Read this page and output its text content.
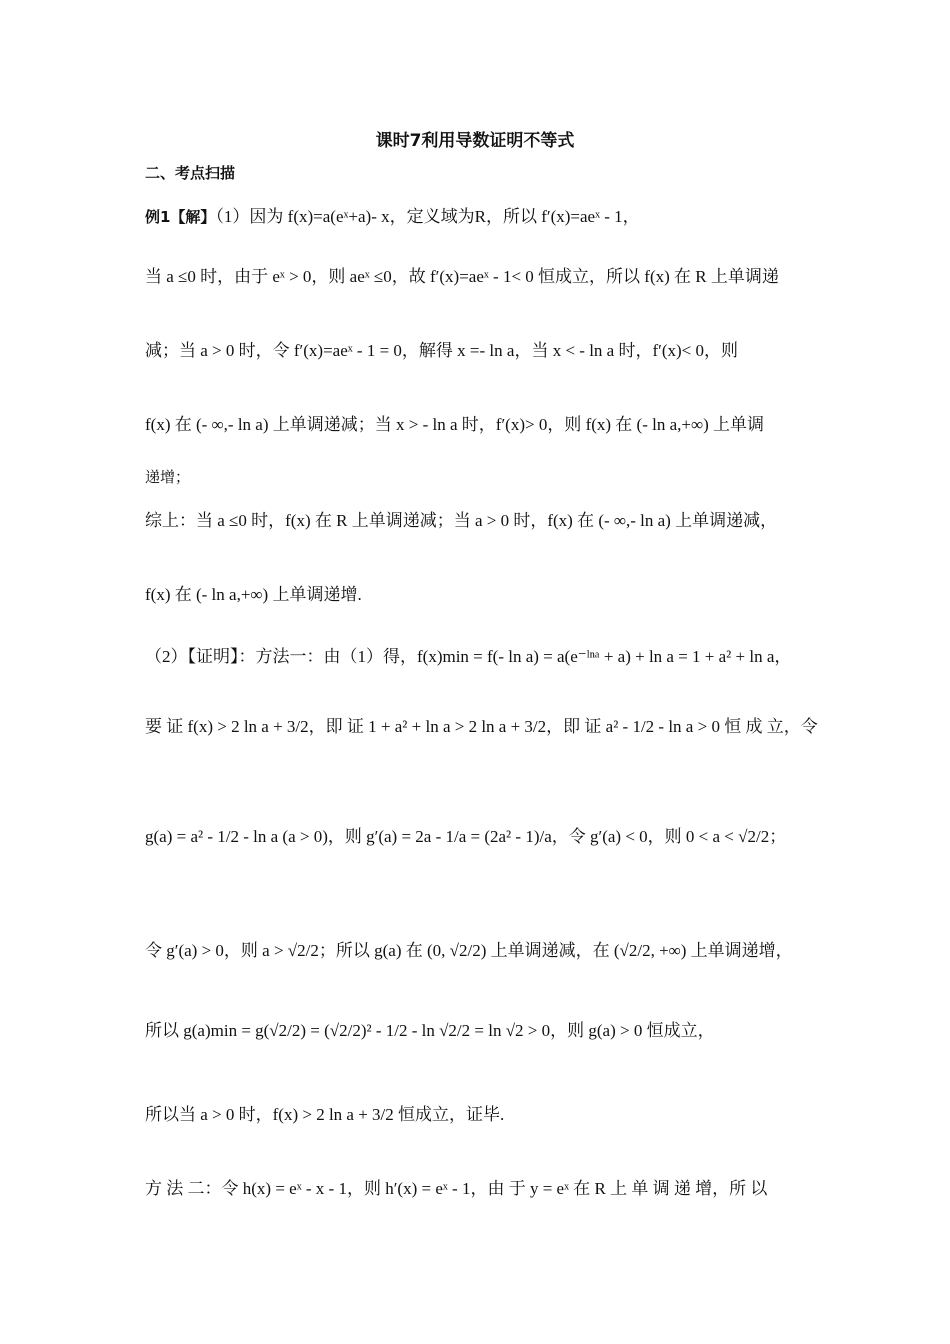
课时7利用导数证明不等式
二、考点扫描
例1【解】（1）因为 f(x)=a(eˣ+a)- x，定义域为R，所以 f′(x)=aeˣ - 1，
当 a ≤0 时，由于 eˣ > 0，则 aeˣ ≤0，故 f′(x)=aeˣ - 1< 0 恒成立，所以 f(x) 在 R 上单调递
减；当 a > 0 时，令 f′(x)=aeˣ - 1 = 0，解得 x =- ln a，当 x < - ln a 时，f′(x)< 0，则
f(x) 在 (- ∞,- ln a) 上单调递减；当 x > - ln a 时，f′(x)> 0，则 f(x) 在 (- ln a,+∞) 上单调
递增；
综上：当 a ≤0 时，f(x) 在 R 上单调递减；当 a > 0 时，f(x) 在 (- ∞,- ln a) 上单调递减，
f(x) 在 (- ln a,+∞) 上单调递增.
（2）【证明】：方法一：由（1）得，f(x)min = f(- ln a) = a(e⁻ˡⁿᵃ + a) + ln a = 1 + a² + ln a，
要 证 f(x) > 2 ln a + 3/2，即 证 1 + a² + ln a > 2 ln a + 3/2，即 证 a² - 1/2 - ln a > 0 恒 成 立，令
g(a) = a² - 1/2 - ln a (a > 0)，则 g′(a) = 2a - 1/a = (2a² - 1)/a，令 g′(a) < 0，则 0 < a < √2/2；
令 g′(a) > 0，则 a > √2/2；所以 g(a) 在 (0, √2/2) 上单调递减，在 (√2/2, +∞) 上单调递增，
所以 g(a)min = g(√2/2) = (√2/2)² - 1/2 - ln √2/2 = ln √2 > 0，则 g(a) > 0 恒成立，
所以当 a > 0 时，f(x) > 2 ln a + 3/2 恒成立，证毕.
方 法 二：令 h(x) = eˣ - x - 1，则 h′(x) = eˣ - 1，由 于 y = eˣ 在 R 上 单 调 递 增，所 以
